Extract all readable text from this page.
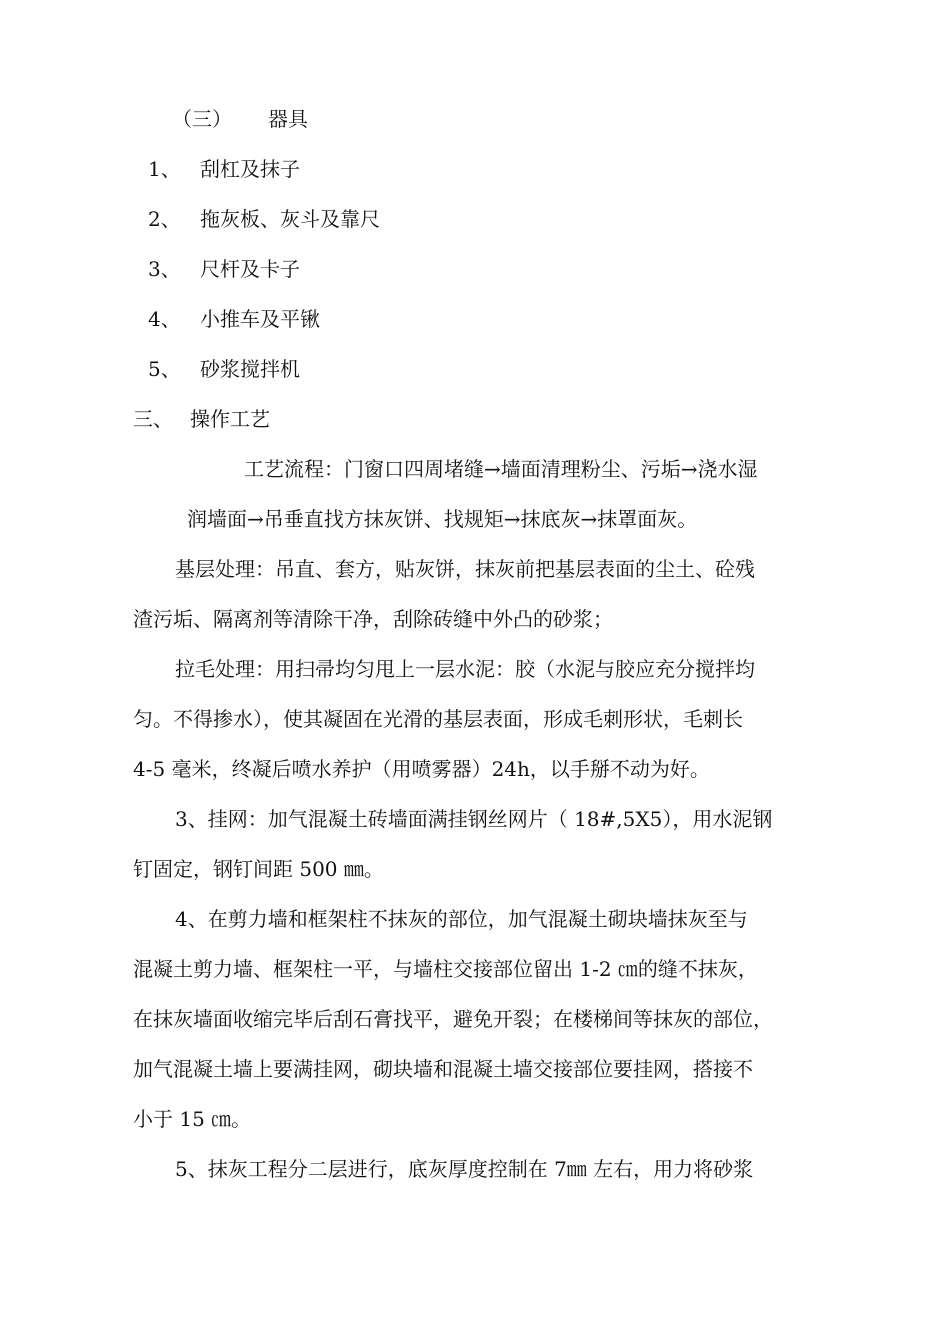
（三） 器具
1、 刮杠及抹子
2、 拖灰板、灰斗及靠尺
3、 尺杆及卡子
4、 小推车及平锹
5、 砂浆搅拌机
三、 操作工艺
工艺流程：门窗口四周堵缝→墙面清理粉尘、污垢→浇水湿
润墙面→吊垂直找方抹灰饼、找规矩→抹底灰→抹罩面灰。
基层处理：吊直、套方，贴灰饼，抹灰前把基层表面的尘土、砼残
渣污垢、隔离剂等清除干净，刮除砖缝中外凸的砂浆；
拉毛处理：用扫帚均匀甩上一层水泥：胶（水泥与胶应充分搅拌均
匀。不得掺水），使其凝固在光滑的基层表面，形成毛刺形状，毛刺长
4-5 毫米，终凝后喷水养护（用喷雾器）24h，以手掰不动为好。
3、挂网：加气混凝土砖墙面满挂钢丝网片（ 18#,5X5），用水泥钢
钉固定，钢钉间距 500 ㎜。
4、在剪力墙和框架柱不抹灰的部位，加气混凝土砌块墙抹灰至与
混凝土剪力墙、框架柱一平，与墙柱交接部位留出 1-2 ㎝的缝不抹灰，
在抹灰墙面收缩完毕后刮石膏找平，避免开裂；在楼梯间等抹灰的部位，
加气混凝土墙上要满挂网，砌块墙和混凝土墙交接部位要挂网，搭接不
小于 15 ㎝。
5、抹灰工程分二层进行，底灰厚度控制在 7㎜ 左右，用力将砂浆
